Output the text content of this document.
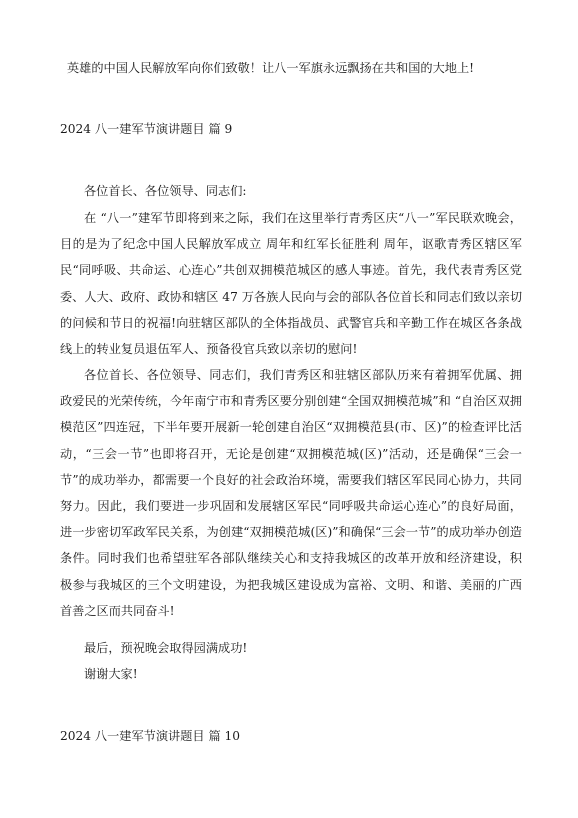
英雄的中国人民解放军向你们致敬！让八一军旗永远飘扬在共和国的大地上!
2024 八一建军节演讲题目 篇 9
各位首长、各位领导、同志们:

在 “八一”建军节即将到来之际，我们在这里举行青秀区庆“八一”军民联欢晚会，目的是为了纪念中国人民解放军成立 周年和红军长征胜利 周年，讴歌青秀区辖区军民“同呼吸、共命运、心连心”共创双拥模范城区的感人事迹。首先，我代表青秀区党委、人大、政府、政协和辖区 47 万各族人民向与会的部队各位首长和同志们致以亲切的问候和节日的祝福!向驻辖区部队的全体指战员、武警官兵和辛勤工作在城区各条战线上的转业复员退伍军人、预备役官兵致以亲切的慰问!

各位首长、各位领导、同志们，我们青秀区和驻辖区部队历来有着拥军优属、拥政爱民的光荣传统，今年南宁市和青秀区要分别创建“全国双拥模范城”和 “自治区双拥模范区”四连冠，下半年要开展新一轮创建自治区“双拥模范县(市、区)”的检查评比活动，“三会一节”也即将召开，无论是创建“双拥模范城(区)”活动，还是确保“三会一节”的成功举办，都需要一个良好的社会政治环境，需要我们辖区军民同心协力，共同努力。因此，我们要进一步巩固和发展辖区军民“同呼吸共命运心连心”的良好局面，进一步密切军政军民关系，为创建“双拥模范城(区)”和确保“三会一节”的成功举办创造条件。同时我们也希望驻军各部队继续关心和支持我城区的改革开放和经济建设，积极参与我城区的三个文明建设，为把我城区建设成为富裕、文明、和谐、美丽的广西首善之区而共同奋斗!

最后，预祝晚会取得园满成功!
谢谢大家!
2024 八一建军节演讲题目 篇 10
